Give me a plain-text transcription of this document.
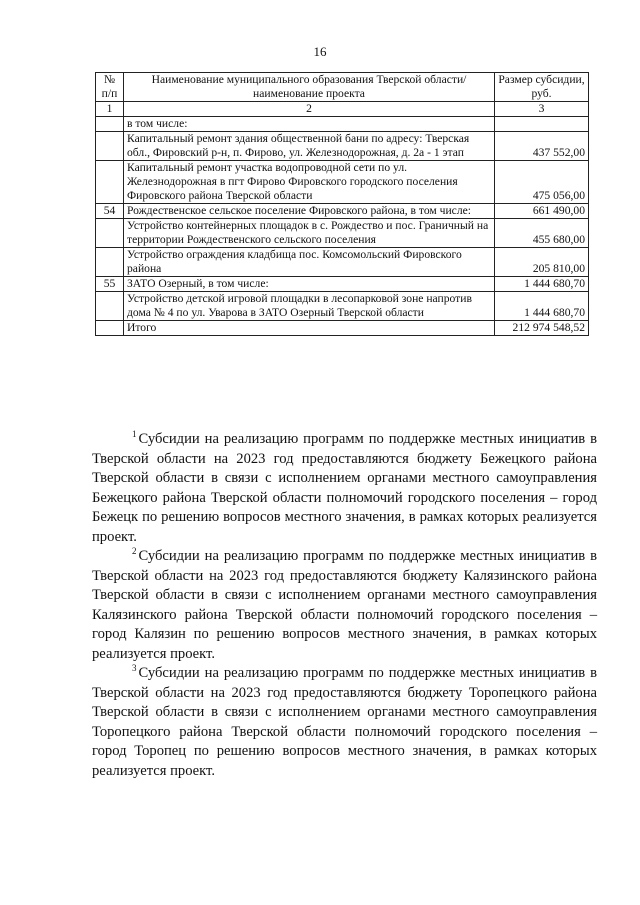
16
№ п/п	Наименование муниципального образования Тверской области/наименование проекта	Размер субсидии, руб.
1	2	3
	в том числе:	
	Капитальный ремонт здания общественной бани по адресу: Тверская обл., Фировский р-н, п. Фирово, ул. Железнодорожная, д. 2а - 1 этап	437 552,00
	Капитальный ремонт участка водопроводной сети по ул. Железнодорожная в пгт Фирово Фировского городского поселения Фировского района Тверской области	475 056,00
54	Рождественское сельское поселение Фировского района, в том числе:	661 490,00
	Устройство контейнерных площадок в с. Рождество и пос. Граничный на территории Рождественского сельского поселения	455 680,00
	Устройство ограждения кладбища пос. Комсомольский Фировского района	205 810,00
55	ЗАТО Озерный, в том числе:	1 444 680,70
	Устройство детской игровой площадки в лесопарковой зоне напротив дома № 4 по ул. Уварова в ЗАТО Озерный Тверской области	1 444 680,70
	Итого	212 974 548,52

$^1$ Субсидии на реализацию программ по поддержке местных инициатив в Тверской области на 2023 год предоставляются бюджету Бежецкого района Тверской области в связи с исполнением органами местного самоуправления Бежецкого района Тверской области полномочий городского поселения – город Бежецк по решению вопросов местного значения, в рамках которых реализуется проект.

$^2$ Субсидии на реализацию программ по поддержке местных инициатив в Тверской области на 2023 год предоставляются бюджету Калязинского района Тверской области в связи с исполнением органами местного самоуправления Калязинского района Тверской области полномочий городского поселения – город Калязин по решению вопросов местного значения, в рамках которых реализуется проект.

$^3$ Субсидии на реализацию программ по поддержке местных инициатив в Тверской области на 2023 год предоставляются бюджету Торопецкого района Тверской области в связи с исполнением органами местного самоуправления Торопецкого района Тверской области полномочий городского поселения – город Торопец по решению вопросов местного значения, в рамках которых реализуется проект.
